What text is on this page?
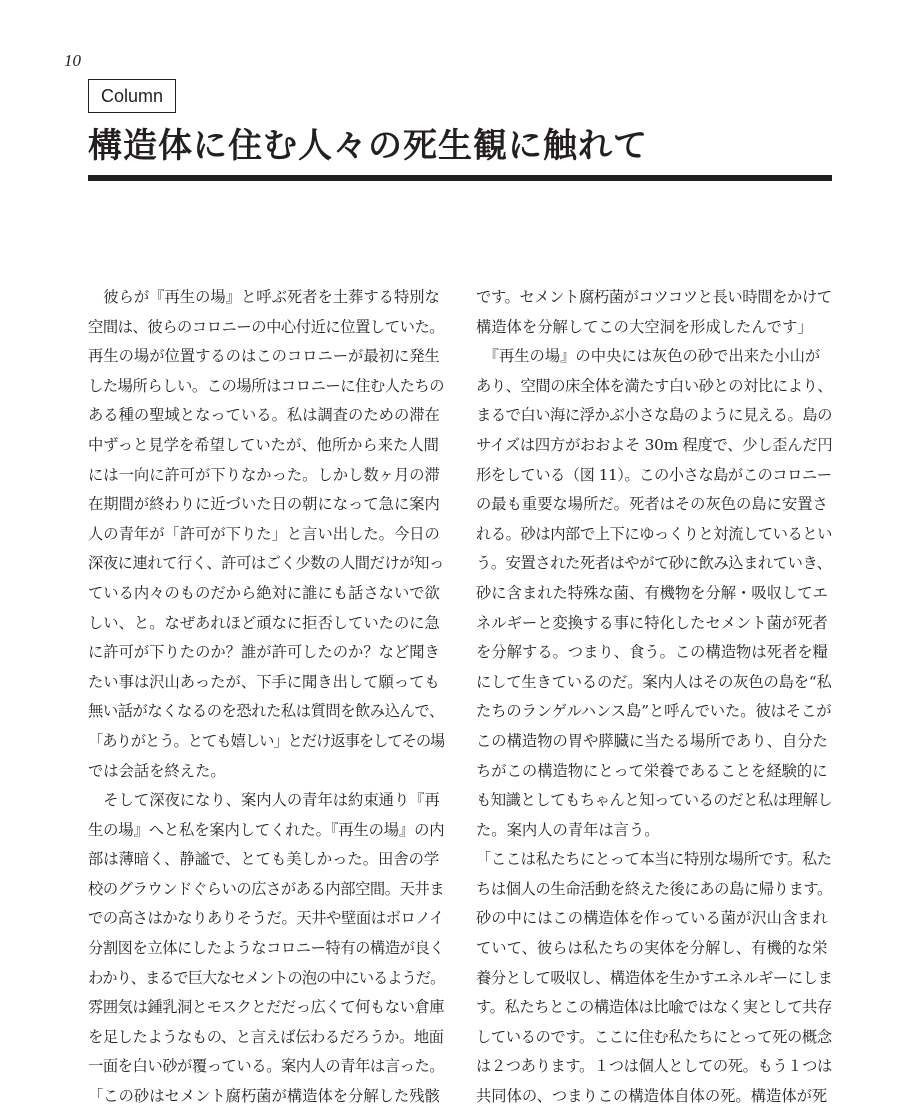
10
Column
構造体に住む人々の死生観に触れて
　彼らが『再生の場』と呼ぶ死者を土葬する特別な
空間は、彼らのコロニーの中心付近に位置していた。
再生の場が位置するのはこのコロニーが最初に発生
した場所らしい。この場所はコロニーに住む人たちの
ある種の聖域となっている。私は調査のための滞在
中ずっと見学を希望していたが、他所から来た人間
には一向に許可が下りなかった。しかし数ヶ月の滞
在期間が終わりに近づいた日の朝になって急に案内
人の青年が「許可が下りた」と言い出した。今日の
深夜に連れて行く、許可はごく少数の人間だけが知っ
ている内々のものだから絶対に誰にも話さないで欲
しい、と。なぜあれほど頑なに拒否していたのに急
に許可が下りたのか？誰が許可したのか？など聞き
たい事は沢山あったが、下手に聞き出して願っても
無い話がなくなるのを恐れた私は質問を飲み込んで、
「ありがとう。とても嬉しい」とだけ返事をしてその場
では会話を終えた。
　そして深夜になり、案内人の青年は約束通り『再
生の場』へと私を案内してくれた。『再生の場』の内
部は薄暗く、静謐で、とても美しかった。田舎の学
校のグラウンドぐらいの広さがある内部空間。天井ま
での高さはかなりありそうだ。天井や壁面はボロノイ
分割図を立体にしたようなコロニー特有の構造が良く
わかり、まるで巨大なセメントの泡の中にいるようだ。
雰囲気は鍾乳洞とモスクとだだっ広くて何もない倉庫
を足したようなもの、と言えば伝わるだろうか。地面
一面を白い砂が覆っている。案内人の青年は言った。
「この砂はセメント腐朽菌が構造体を分解した残骸
です。セメント腐朽菌がコツコツと長い時間をかけて
構造体を分解してこの大空洞を形成したんです」
　『再生の場』の中央には灰色の砂で出来た小山が
あり、空間の床全体を満たす白い砂との対比により、
まるで白い海に浮かぶ小さな島のように見える。島の
サイズは四方がおおよそ 30m 程度で、少し歪んだ円
形をしている（図 11）。この小さな島がこのコロニー
の最も重要な場所だ。死者はその灰色の島に安置さ
れる。砂は内部で上下にゆっくりと対流しているとい
う。安置された死者はやがて砂に飲み込まれていき、
砂に含まれた特殊な菌、有機物を分解・吸収してエ
ネルギーと変換する事に特化したセメント菌が死者
を分解する。つまり、食う。この構造物は死者を糧
にして生きているのだ。案内人はその灰色の島を“私
たちのランゲルハンス島”と呼んでいた。彼はそこが
この構造物の胃や膵臓に当たる場所であり、自分た
ちがこの構造物にとって栄養であることを経験的に
も知識としてもちゃんと知っているのだと私は理解し
た。案内人の青年は言う。
「ここは私たちにとって本当に特別な場所です。私た
ちは個人の生命活動を終えた後にあの島に帰ります。
砂の中にはこの構造体を作っている菌が沢山含まれ
ていて、彼らは私たちの実体を分解し、有機的な栄
養分として吸収し、構造体を生かすエネルギーにしま
す。私たちとこの構造体は比喩ではなく実として共存
しているのです。ここに住む私たちにとって死の概念
は２つあります。１つは個人としての死。もう１つは
共同体の、つまりこの構造体自体の死。構造体が死
